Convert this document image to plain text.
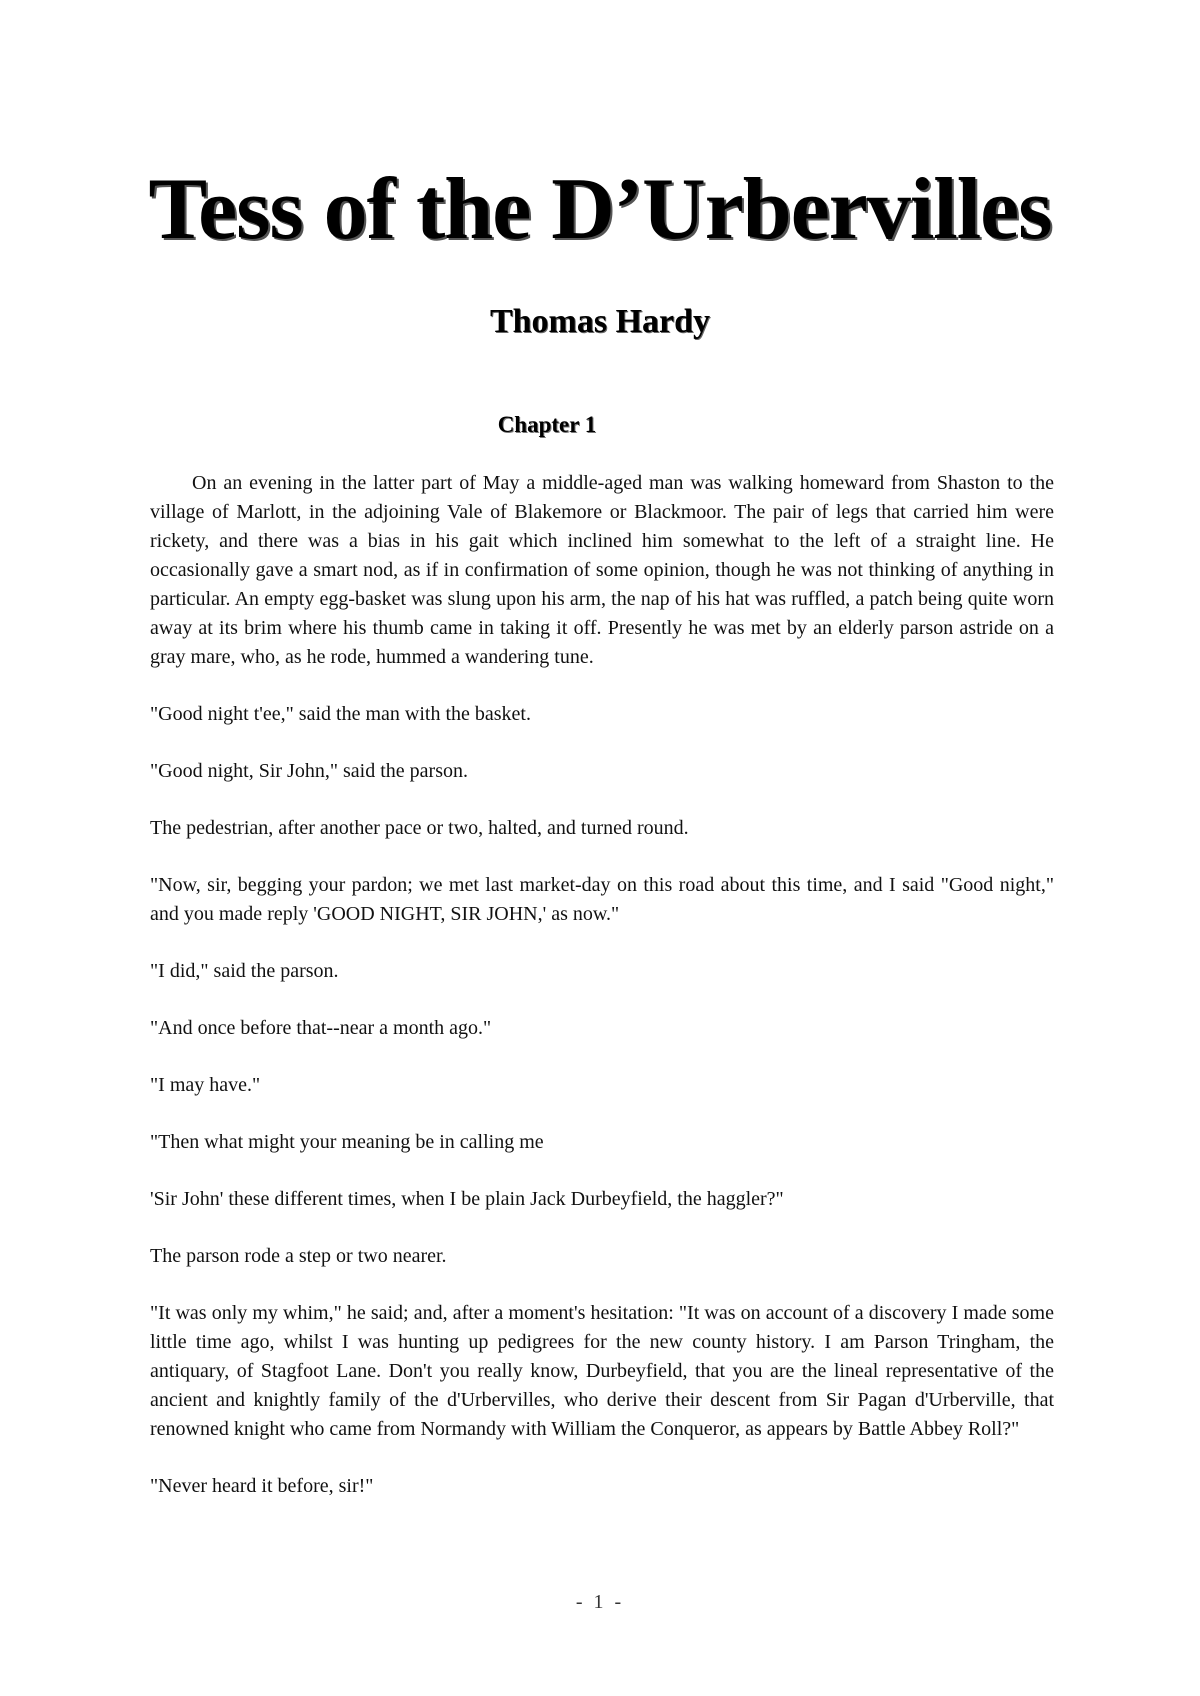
Tess of the D’Urbervilles
Thomas Hardy
Chapter 1

On an evening in the latter part of May a middle-aged man was walking homeward from Shaston to the village of Marlott, in the adjoining Vale of Blakemore or Blackmoor. The pair of legs that carried him were rickety, and there was a bias in his gait which inclined him somewhat to the left of a straight line. He occasionally gave a smart nod, as if in confirmation of some opinion, though he was not thinking of anything in particular. An empty egg-basket was slung upon his arm, the nap of his hat was ruffled, a patch being quite worn away at its brim where his thumb came in taking it off. Presently he was met by an elderly parson astride on a gray mare, who, as he rode, hummed a wandering tune.

"Good night t'ee," said the man with the basket.

"Good night, Sir John," said the parson.

The pedestrian, after another pace or two, halted, and turned round.

"Now, sir, begging your pardon; we met last market-day on this road about this time, and I said "Good night," and you made reply 'GOOD NIGHT, SIR JOHN,' as now."

"I did," said the parson.

"And once before that--near a month ago."

"I may have."

"Then what might your meaning be in calling me

'Sir John' these different times, when I be plain Jack Durbeyfield, the haggler?"

The parson rode a step or two nearer.

"It was only my whim," he said; and, after a moment's hesitation: "It was on account of a discovery I made some little time ago, whilst I was hunting up pedigrees for the new county history. I am Parson Tringham, the antiquary, of Stagfoot Lane. Don't you really know, Durbeyfield, that you are the lineal representative of the ancient and knightly family of the d'Urbervilles, who derive their descent from Sir Pagan d'Urberville, that renowned knight who came from Normandy with William the Conqueror, as appears by Battle Abbey Roll?"

"Never heard it before, sir!"

- 1 -
